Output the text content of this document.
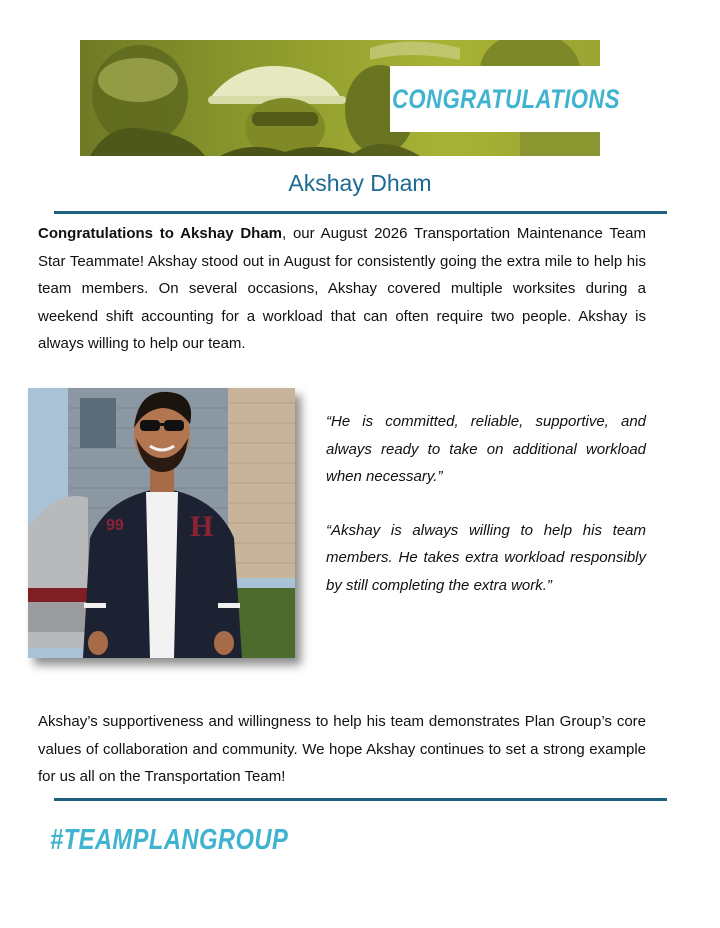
CONGRATULATIONS
Akshay Dham
Congratulations to Akshay Dham, our August 2026 Transportation Maintenance Team Star Teammate! Akshay stood out in August for consistently going the extra mile to help his team members. On several occasions, Akshay covered multiple worksites during a weekend shift accounting for a workload that can often require two people. Akshay is always willing to help our team.
H
99

“He is committed, reliable, supportive, and always ready to take on additional workload when necessary.”

“Akshay is always willing to help his team members. He takes extra workload responsibly by still completing the extra work.”

Akshay’s supportiveness and willingness to help his team demonstrates Plan Group’s core values of collaboration and community. We hope Akshay continues to set a strong example for us all on the Transportation Team!
#TEAMPLANGROUP
